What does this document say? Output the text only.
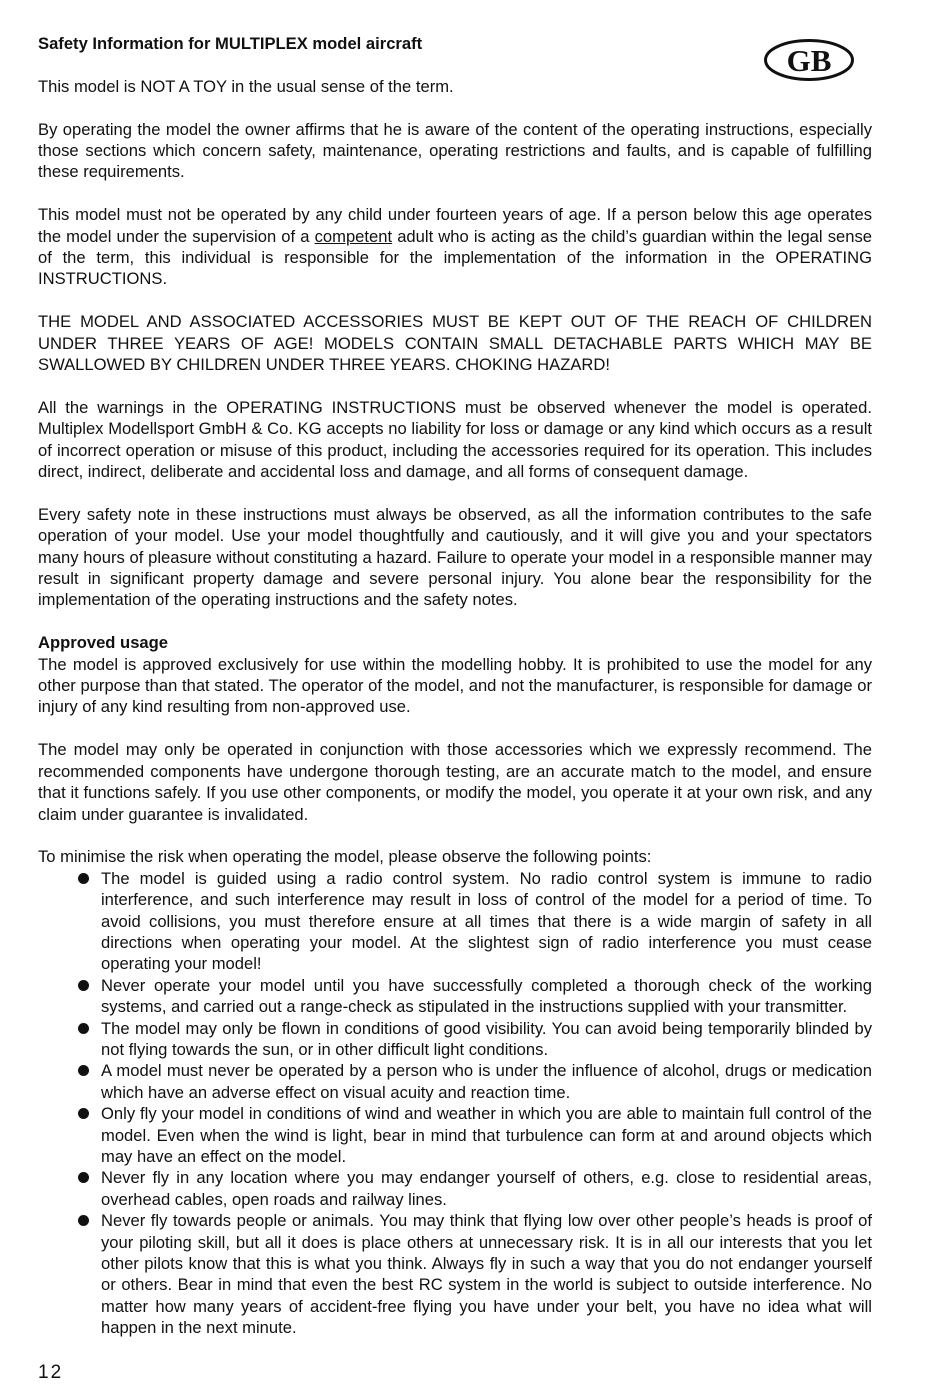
GB
Safety Information for MULTIPLEX model aircraft

This model is NOT A TOY in the usual sense of the term.

By operating the model the owner affirms that he is aware of the content of the operating instructions, especially those sections which concern safety, maintenance, operating restrictions and faults, and is capable of fulfilling these requirements.

This model must not be operated by any child under fourteen years of age. If a person below this age operates the model under the supervision of a competent adult who is acting as the child’s guardian within the legal sense of the term, this individual is responsible for the implementation of the information in the OPERATING INSTRUCTIONS.

THE MODEL AND ASSOCIATED ACCESSORIES MUST BE KEPT OUT OF THE REACH OF CHILDREN UNDER THREE YEARS OF AGE! MODELS CONTAIN SMALL DETACHABLE PARTS WHICH MAY BE SWALLOWED BY CHILDREN UNDER THREE YEARS. CHOKING HAZARD!

All the warnings in the OPERATING INSTRUCTIONS must be observed whenever the model is operated. Multiplex Modellsport GmbH & Co. KG accepts no liability for loss or damage or any kind which occurs as a result of incorrect operation or misuse of this product, including the accessories required for its operation. This includes direct, indirect, deliberate and accidental loss and damage, and all forms of consequent damage.

Every safety note in these instructions must always be observed, as all the information contributes to the safe operation of your model. Use your model thoughtfully and cautiously, and it will give you and your spectators many hours of pleasure without constituting a hazard. Failure to operate your model in a responsible manner may result in significant property damage and severe personal injury. You alone bear the responsibility for the implementation of the operating instructions and the safety notes.

Approved usage

The model is approved exclusively for use within the modelling hobby. It is prohibited to use the model for any other purpose than that stated. The operator of the model, and not the manufacturer, is responsible for damage or injury of any kind resulting from non-approved use.

The model may only be operated in conjunction with those accessories which we expressly recommend. The recommended components have undergone thorough testing, are an accurate match to the model, and ensure that it functions safely. If you use other components, or modify the model, you operate it at your own risk, and any claim under guarantee is invalidated.

To minimise the risk when operating the model, please observe the following points:

The model is guided using a radio control system. No radio control system is immune to radio interference, and such interference may result in loss of control of the model for a period of time. To avoid collisions, you must therefore ensure at all times that there is a wide margin of safety in all directions when operating your model. At the slightest sign of radio interference you must cease operating your model!
Never operate your model until you have successfully completed a thorough check of the working systems, and carried out a range-check as stipulated in the instructions supplied with your transmitter.
The model may only be flown in conditions of good visibility. You can avoid being temporarily blinded by not flying towards the sun, or in other difficult light conditions.
A model must never be operated by a person who is under the influence of alcohol, drugs or medication which have an adverse effect on visual acuity and reaction time.
Only fly your model in conditions of wind and weather in which you are able to maintain full control of the model. Even when the wind is light, bear in mind that turbulence can form at and around objects which may have an effect on the model.
Never fly in any location where you may endanger yourself of others, e.g. close to residential areas, overhead cables, open roads and railway lines.
Never fly towards people or animals. You may think that flying low over other people’s heads is proof of your piloting skill, but all it does is place others at unnecessary risk. It is in all our interests that you let other pilots know that this is what you think. Always fly in such a way that you do not endanger yourself or others. Bear in mind that even the best RC system in the world is subject to outside interference. No matter how many years of accident-free flying you have under your belt, you have no idea what will happen in the next minute.
12
